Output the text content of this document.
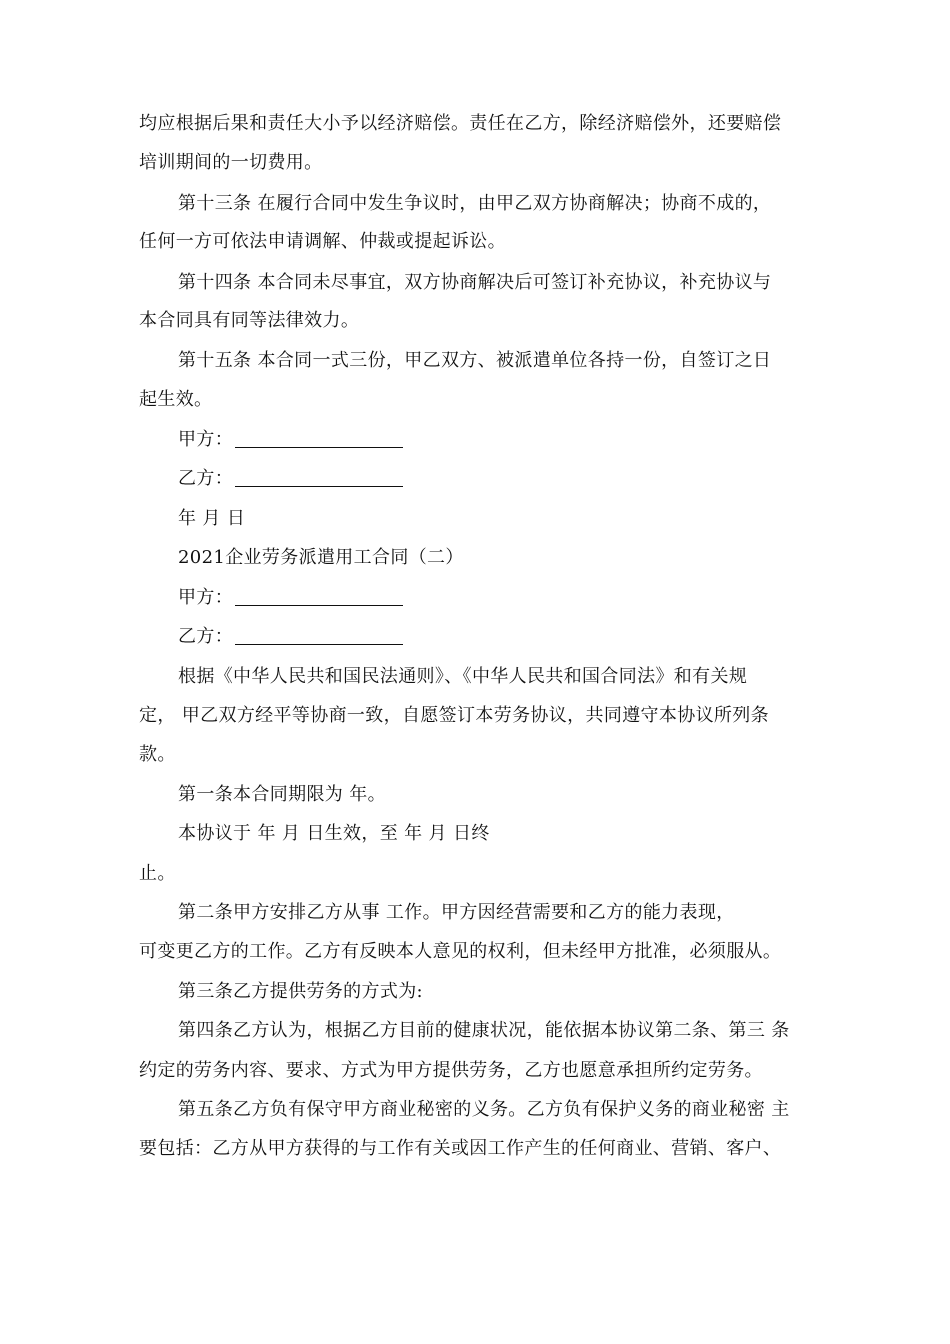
均应根据后果和责任大小予以经济赔偿。责任在乙方，除经济赔偿外，还要赔偿
培训期间的一切费用。
第十三条 在履行合同中发生争议时，由甲乙双方协商解决；协商不成的，
任何一方可依法申请调解、仲裁或提起诉讼。
第十四条 本合同未尽事宜，双方协商解决后可签订补充协议，补充协议与
本合同具有同等法律效力。
第十五条 本合同一式三份，甲乙双方、被派遣单位各持一份，自签订之日
起生效。
甲方：
乙方：
年 月 日
2021企业劳务派遣用工合同（二）
甲方：
乙方：
根据《中华人民共和国民法通则》、《中华人民共和国合同法》和有关规
定， 甲乙双方经平等协商一致，自愿签订本劳务协议，共同遵守本协议所列条
款。
第一条本合同期限为 年。
本协议于 年 月 日生效，至 年 月 日终
止。
第二条甲方安排乙方从事 工作。甲方因经营需要和乙方的能力表现，
可变更乙方的工作。乙方有反映本人意见的权利，但未经甲方批准，必须服从。
第三条乙方提供劳务的方式为:
第四条乙方认为，根据乙方目前的健康状况，能依据本协议第二条、第三 条
约定的劳务内容、要求、方式为甲方提供劳务，乙方也愿意承担所约定劳务。
第五条乙方负有保守甲方商业秘密的义务。乙方负有保护义务的商业秘密 主
要包括：乙方从甲方获得的与工作有关或因工作产生的任何商业、营销、客户、
